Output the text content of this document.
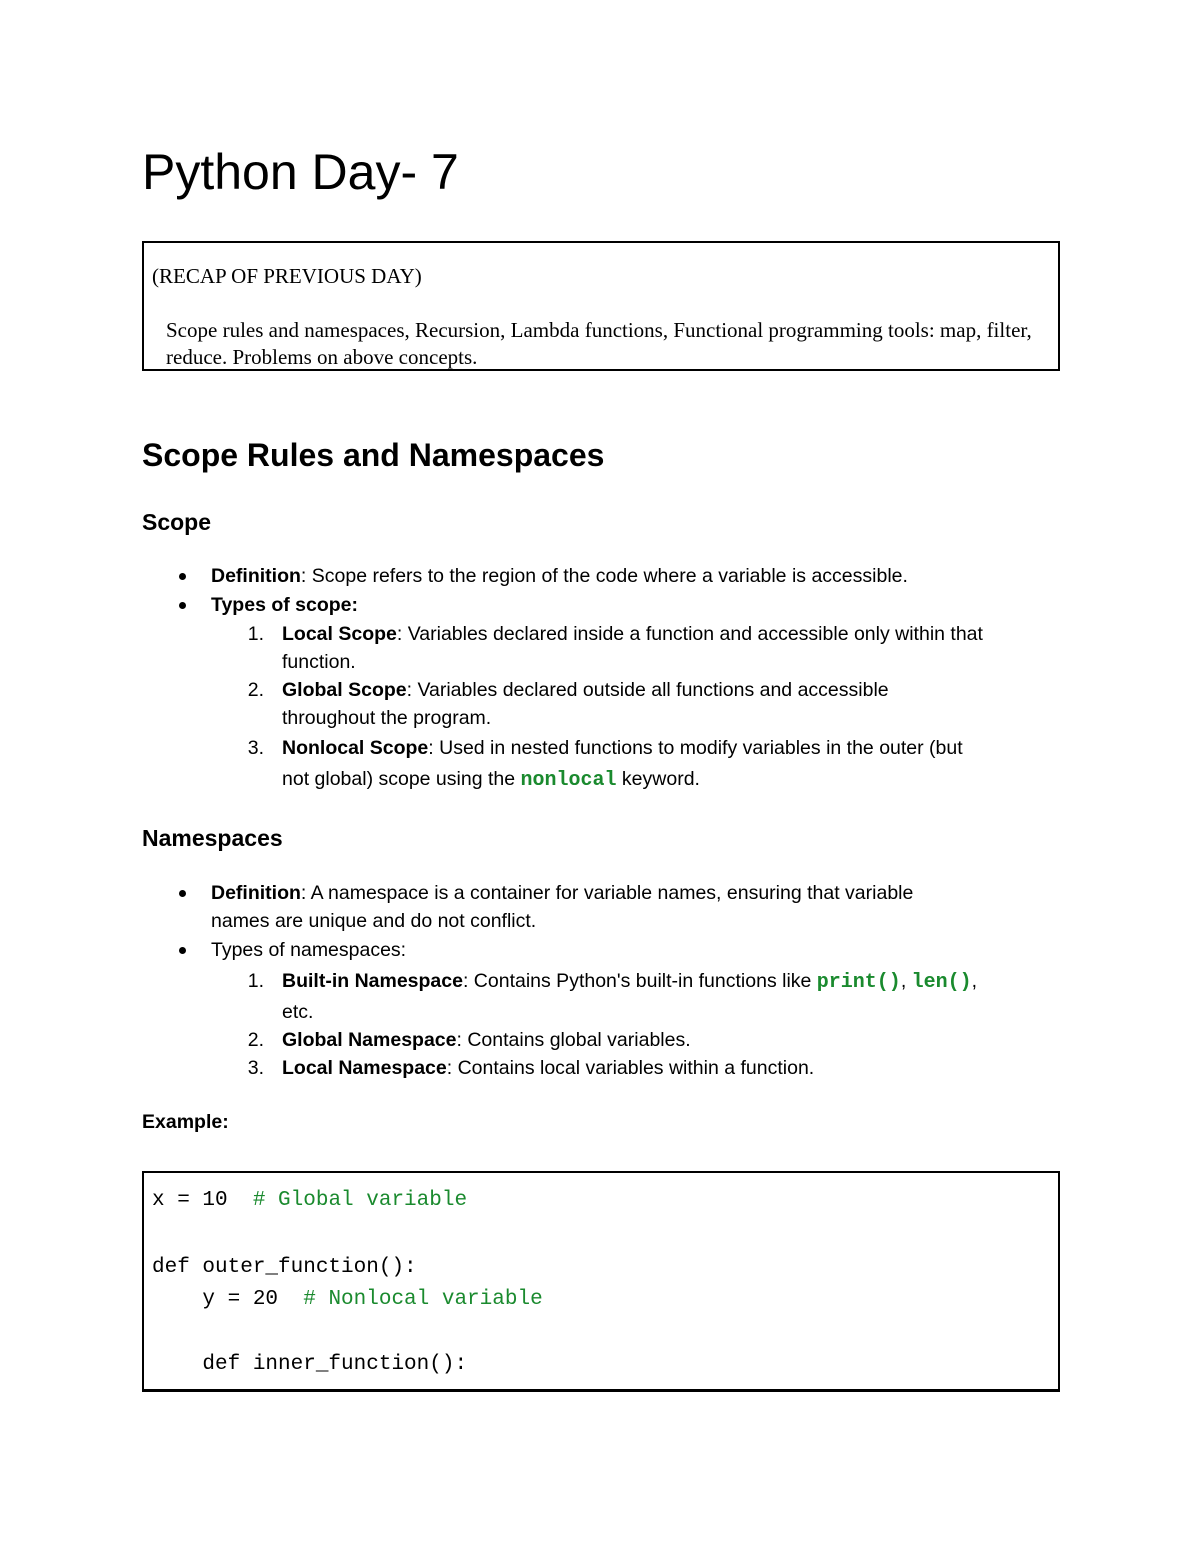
Python Day- 7
(RECAP OF PREVIOUS DAY)
Scope rules and namespaces, Recursion, Lambda functions, Functional programming tools: map, filter, reduce. Problems on above concepts.
Scope Rules and Namespaces
Scope
Definition: Scope refers to the region of the code where a variable is accessible.
Types of scope:
1. Local Scope: Variables declared inside a function and accessible only within that
function.
2. Global Scope: Variables declared outside all functions and accessible
throughout the program.
3. Nonlocal Scope: Used in nested functions to modify variables in the outer (but
not global) scope using the nonlocal keyword.
Namespaces
Definition: A namespace is a container for variable names, ensuring that variable
names are unique and do not conflict.
Types of namespaces:
1. Built-in Namespace: Contains Python's built-in functions like print(), len(),
etc.
2. Global Namespace: Contains global variables.
3. Local Namespace: Contains local variables within a function.
Example:
x = 10  # Global variable
def outer_function():
y = 20  # Nonlocal variable
def inner_function():
